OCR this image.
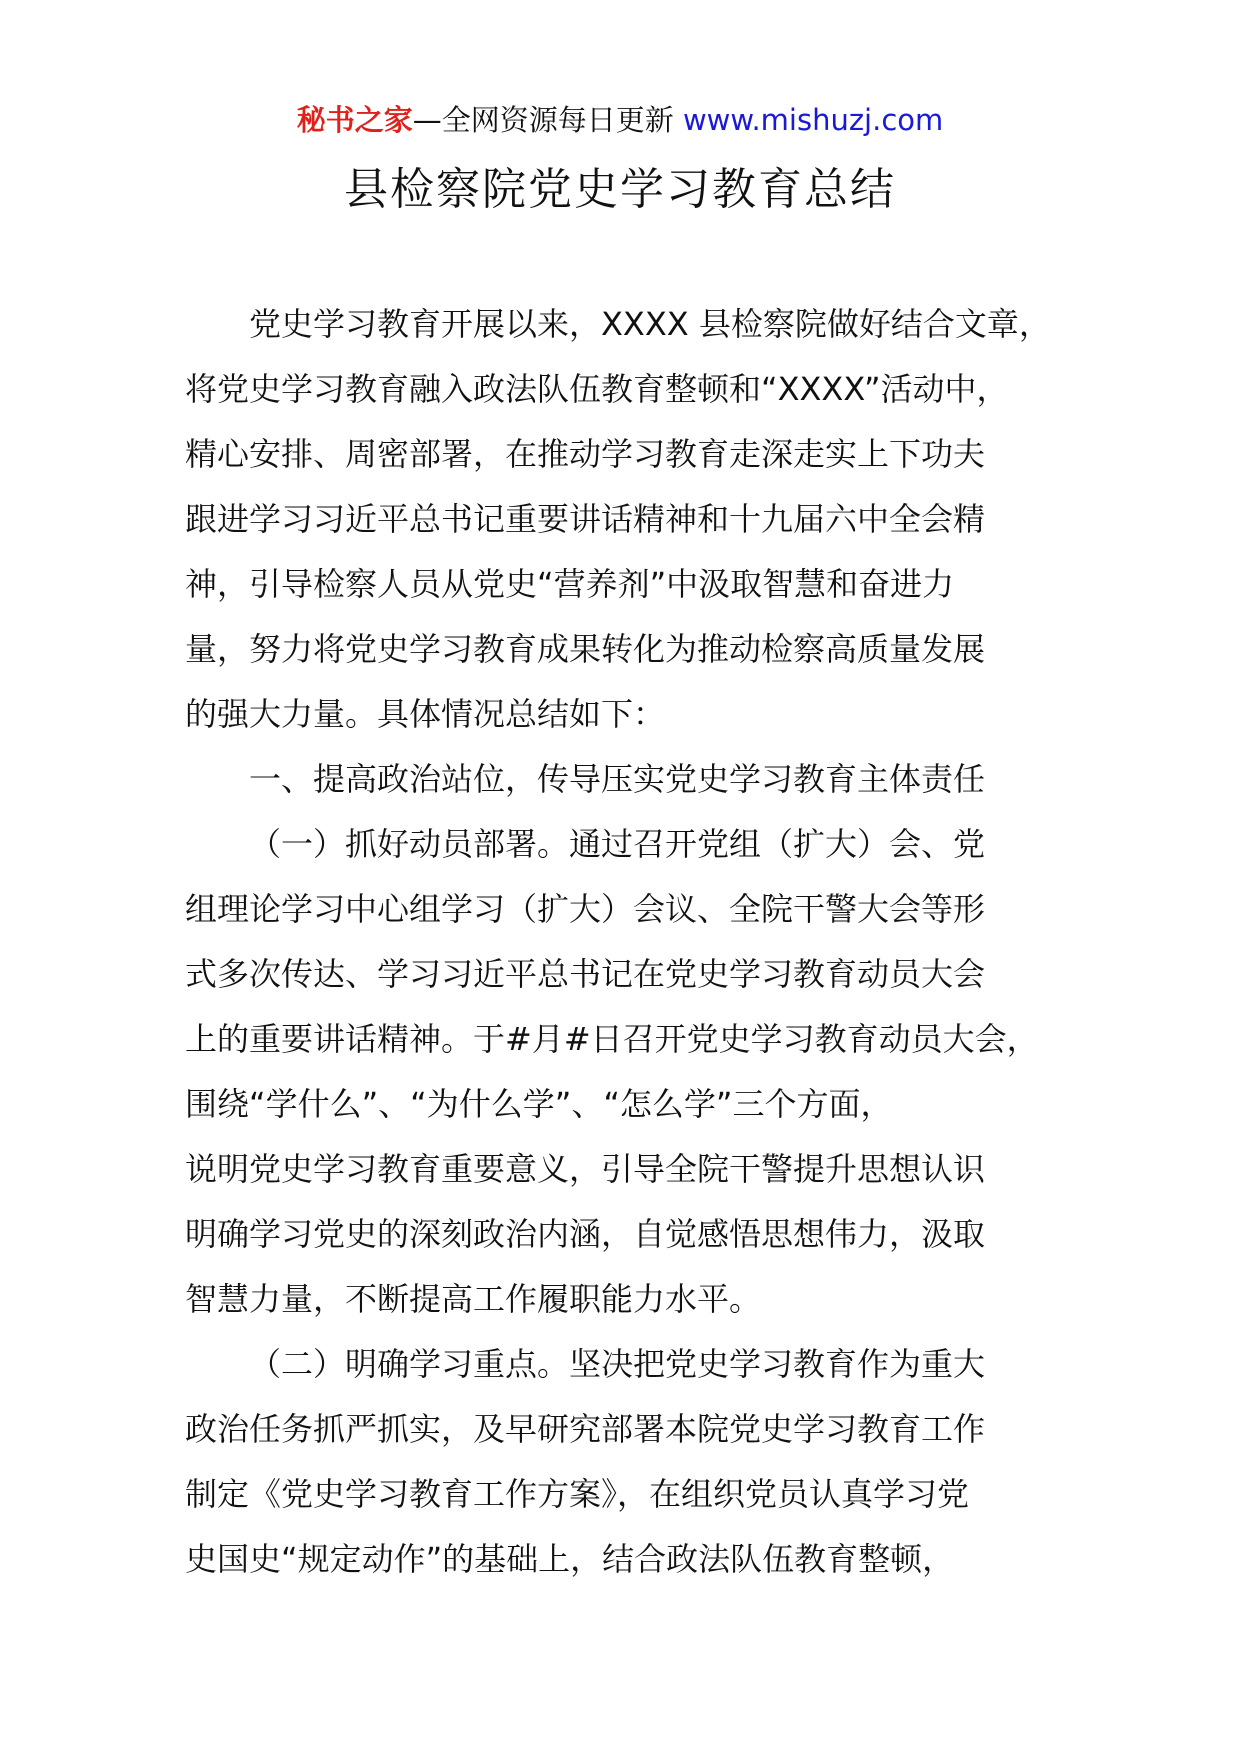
秘书之家—全网资源每日更新 www.mishuzj.com
县检察院党史学习教育总结
党史学习教育开展以来，XXXX 县检察院做好结合文章，
将党史学习教育融入政法队伍教育整顿和“XXXX”活动中，
精心安排、周密部署，在推动学习教育走深走实上下功夫
跟进学习习近平总书记重要讲话精神和十九届六中全会精
神，引导检察人员从党史“营养剂”中汲取智慧和奋进力
量，努力将党史学习教育成果转化为推动检察高质量发展
的强大力量。具体情况总结如下：
一、提高政治站位，传导压实党史学习教育主体责任
（一）抓好动员部署。通过召开党组（扩大）会、党
组理论学习中心组学习（扩大）会议、全院干警大会等形
式多次传达、学习习近平总书记在党史学习教育动员大会
上的重要讲话精神。于#月#日召开党史学习教育动员大会，
围绕“学什么”、“为什么学”、“怎么学”三个方面，
说明党史学习教育重要意义，引导全院干警提升思想认识
明确学习党史的深刻政治内涵，自觉感悟思想伟力，汲取
智慧力量，不断提高工作履职能力水平。
（二）明确学习重点。坚决把党史学习教育作为重大
政治任务抓严抓实，及早研究部署本院党史学习教育工作
制定《党史学习教育工作方案》，在组织党员认真学习党
史国史“规定动作”的基础上，结合政法队伍教育整顿，
